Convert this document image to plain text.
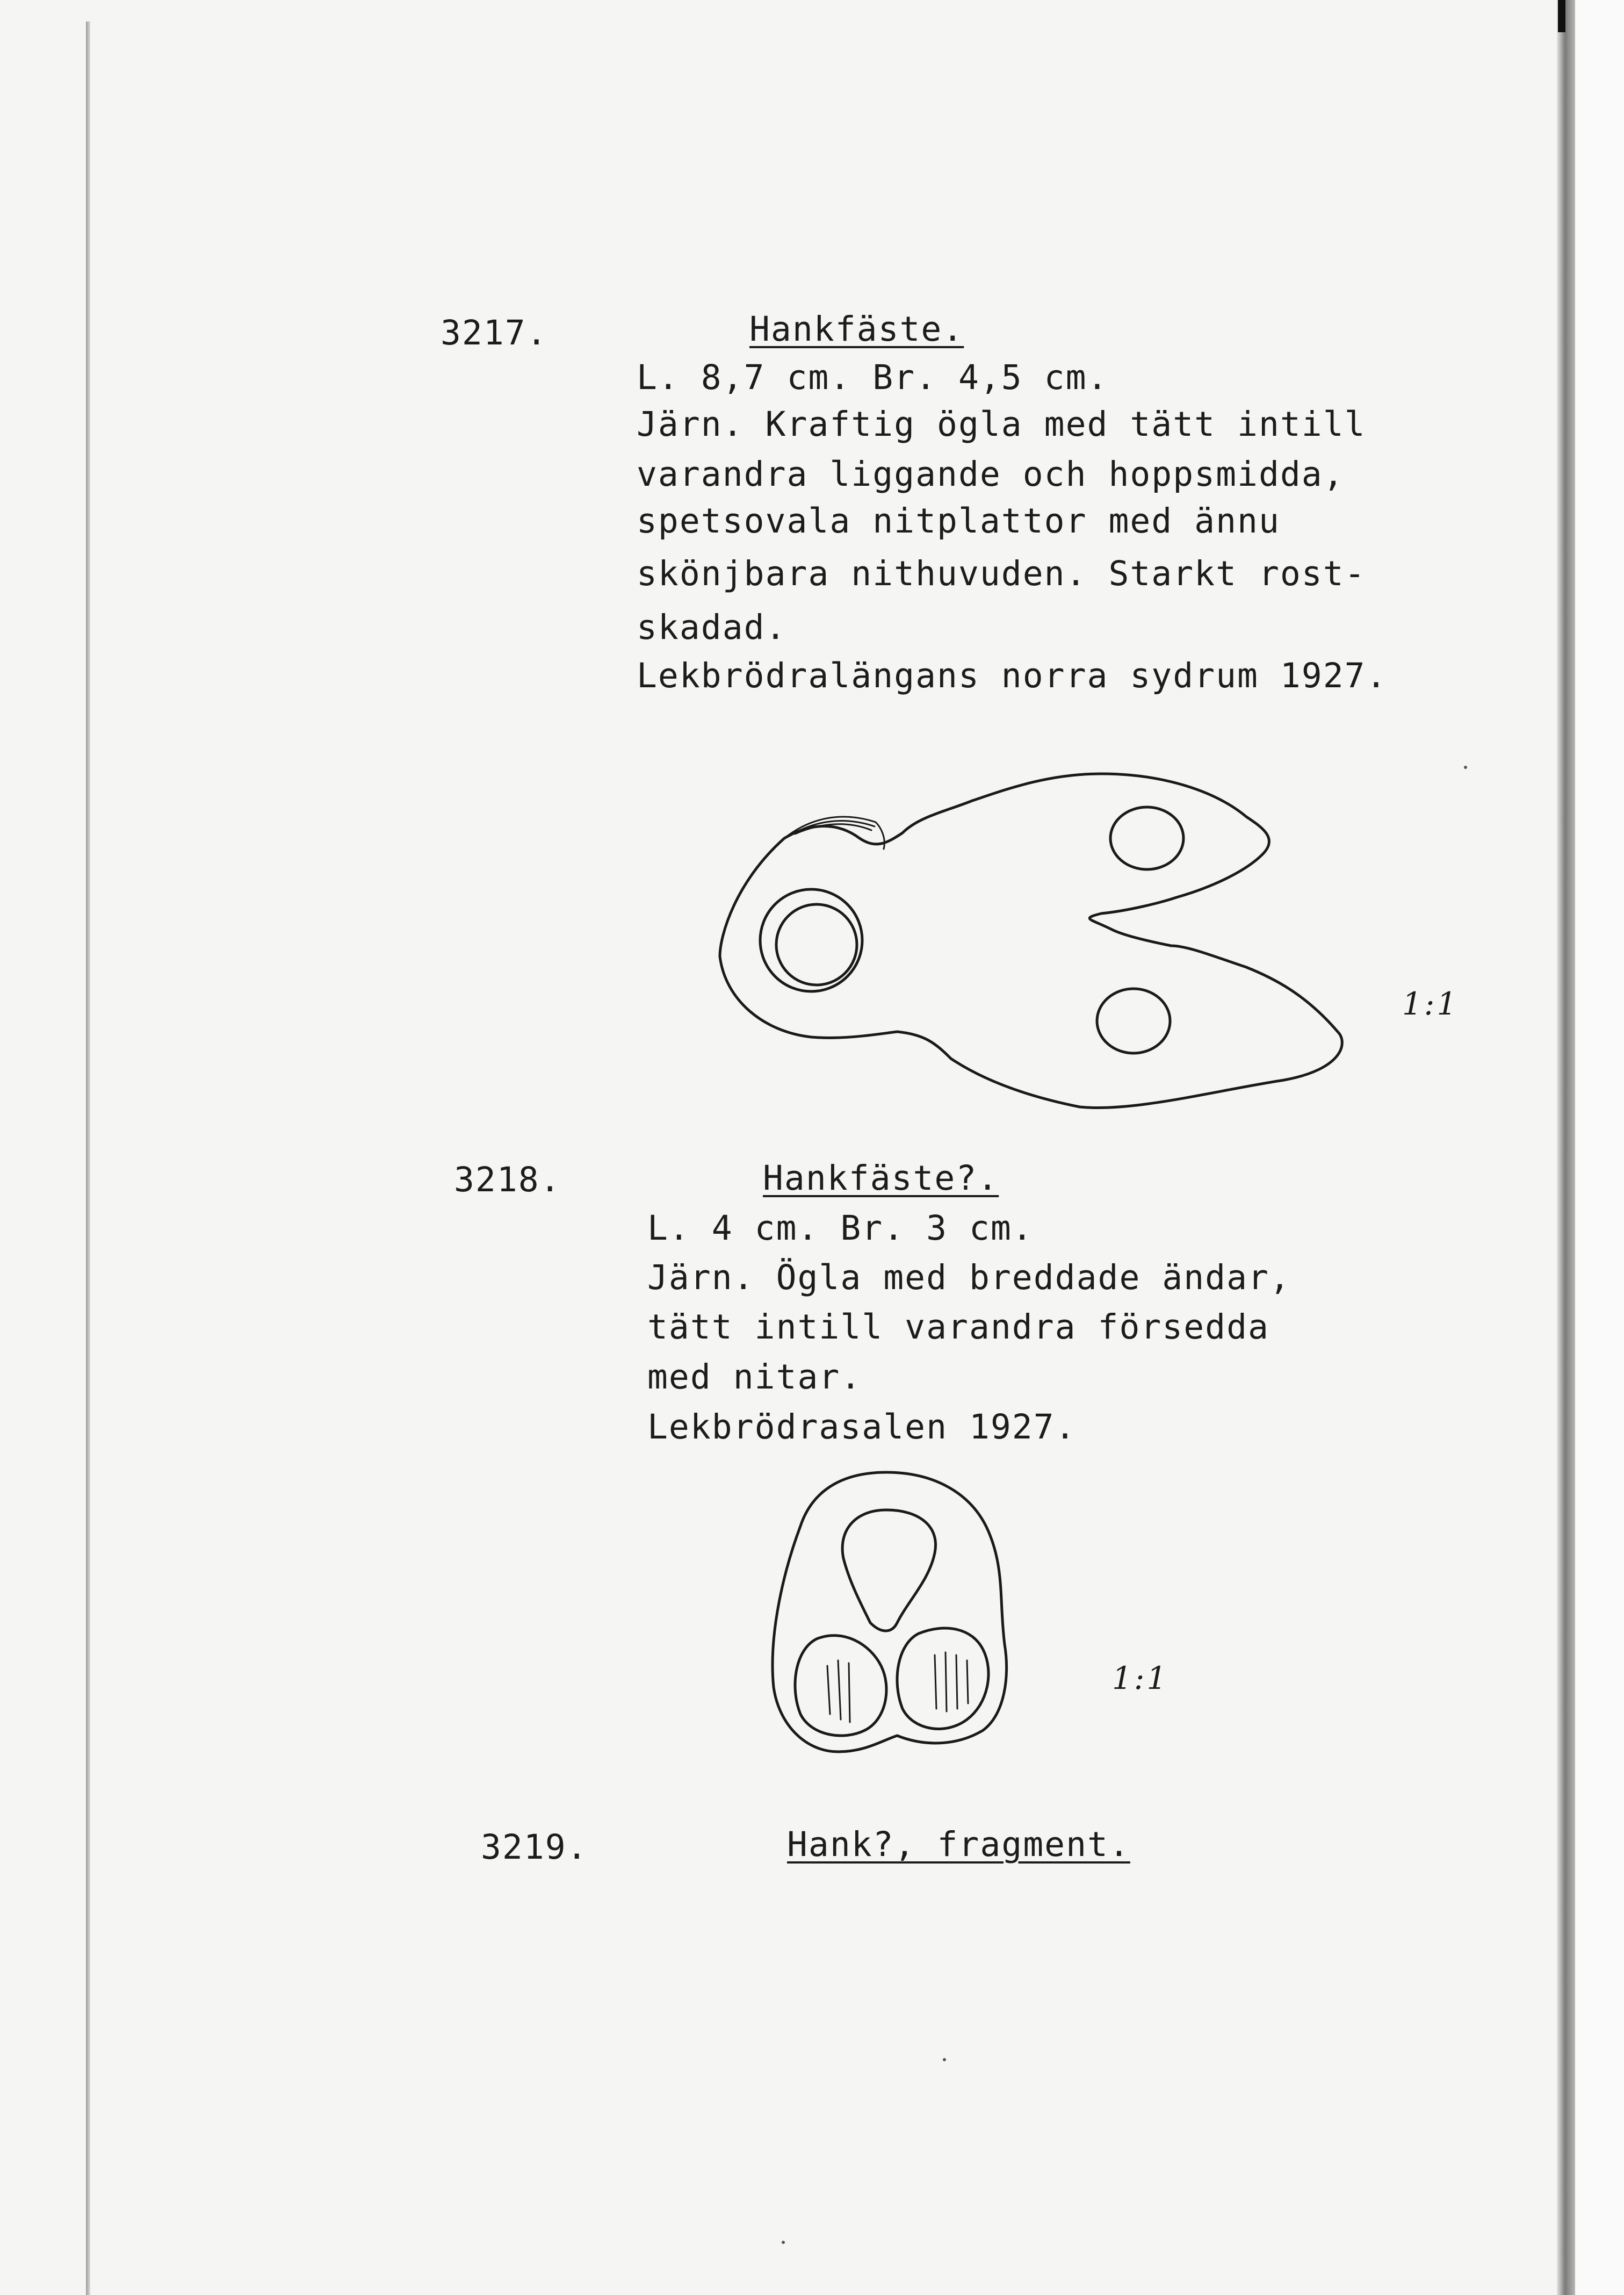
3217.	Hankfäste.
L. 8,7 cm. Br. 4,5 cm.
Järn. Kraftig ögla med tätt intill
varandra liggande och hoppsmidda,
spetsovala nitplattor med ännu
skönjbara nithuvuden. Starkt rost-
skadad.
Lekbrödralängans norra sydrum 1927.
1:1
3218.	Hankfäste?.
L. 4 cm. Br. 3 cm.
Järn. Ögla med breddade ändar,
tätt intill varandra försedda
med nitar.
Lekbrödrasalen 1927.
1:1
3219.	Hank?, fragment.
